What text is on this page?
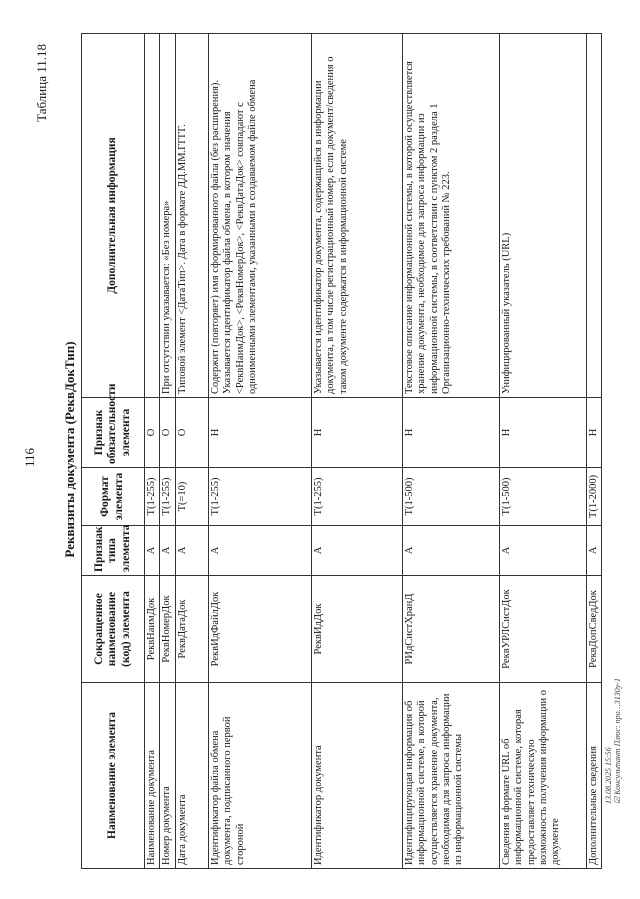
116
Таблица 11.18
Реквизиты документа (РеквДокТип)
Наименование элемента	Сокращенное наименование (код) элемента	Признак типа элемента	Формат элемента	Признак обязательности элемента	Дополнительная информация
Наименование документа	РеквНаимДок	А	T(1-255)	О	
Номер документа	РеквНомерДок	А	T(1-255)	О	При отсутствии указывается: «Без номера»
Дата документа	РеквДатаДок	А	T(=10)	О	Типовой элемент <ДатаТип>. Дата в формате ДД.ММ.ГГГГ.
Идентификатор файла обмена документа, подписанного первой стороной	РеквИдФайлДок	А	T(1-255)	Н	Содержит (повторяет) имя сформированного файла (без расширения). Указывается идентификатор файла обмена, в котором значения <РеквНаимДок>, <РеквНомерДок>, <РеквДатаДок> совпадают с одноименными элементами, указанными в создаваемом файле обмена
Идентификатор документа	РеквИдДок	А	T(1-255)	Н	Указывается идентификатор документа, содержащийся в информации документа, в том числе регистрационный номер, если документ/сведения о таком документе содержатся в информационной системе
Идентифицирующая информация об информационной системе, в которой осуществляется хранение документа, необходимая для запроса информации из информационной системы	РИдСистХранД	А	T(1-500)	Н	Текстовое описание информационной системы, в которой осуществляется хранение документа, необходимое для запроса информации из информационной системы, в соответствии с пунктом 2 раздела 1 Организационно-технических требований № 223.
Сведения в формате URL об информационной системе, которая предоставляет техническую возможность получения информации о документе	РеквУРЛСистДок	А	T(1-500)	Н	Унифицированный указатель (URL)
Дополнительные сведения	РеквДопСведДок	А	T(1-2000)	Н	
13.08.2025 15:56 ☑ Консультант Плюс: про…3130у-1
